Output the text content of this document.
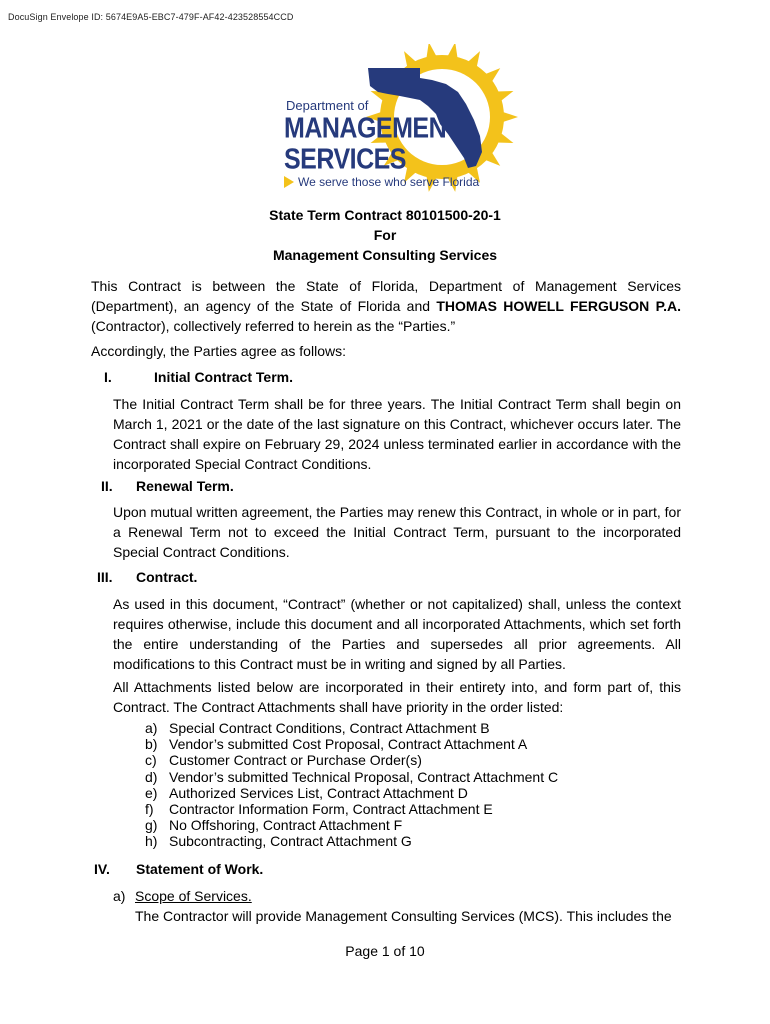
DocuSign Envelope ID: 5674E9A5-EBC7-479F-AF42-423528554CCD
Department of
MANAGEMENT
SERVICES
We serve those who serve Florida
State Term Contract 80101500-20-1
For
Management Consulting Services
This Contract is between the State of Florida, Department of Management Services (Department), an agency of the State of Florida and THOMAS HOWELL FERGUSON P.A. (Contractor), collectively referred to herein as the “Parties.”
Accordingly, the Parties agree as follows:
I.	Initial Contract Term.
The Initial Contract Term shall be for three years. The Initial Contract Term shall begin on March 1, 2021 or the date of the last signature on this Contract, whichever occurs later. The Contract shall expire on February 29, 2024 unless terminated earlier in accordance with the incorporated Special Contract Conditions.
II. Renewal Term.
Upon mutual written agreement, the Parties may renew this Contract, in whole or in part, for a Renewal Term not to exceed the Initial Contract Term, pursuant to the incorporated Special Contract Conditions.
III. Contract.
As used in this document, “Contract” (whether or not capitalized) shall, unless the context requires otherwise, include this document and all incorporated Attachments, which set forth the entire understanding of the Parties and supersedes all prior agreements. All modifications to this Contract must be in writing and signed by all Parties.
All Attachments listed below are incorporated in their entirety into, and form part of, this Contract. The Contract Attachments shall have priority in the order listed:
a) Special Contract Conditions, Contract Attachment B
b) Vendor’s submitted Cost Proposal, Contract Attachment A
c) Customer Contract or Purchase Order(s)
d) Vendor’s submitted Technical Proposal, Contract Attachment C
e) Authorized Services List, Contract Attachment D
f) Contractor Information Form, Contract Attachment E
g) No Offshoring, Contract Attachment F
h) Subcontracting, Contract Attachment G
IV. Statement of Work.
a) Scope of Services.
The Contractor will provide Management Consulting Services (MCS). This includes the
Page 1 of 10
